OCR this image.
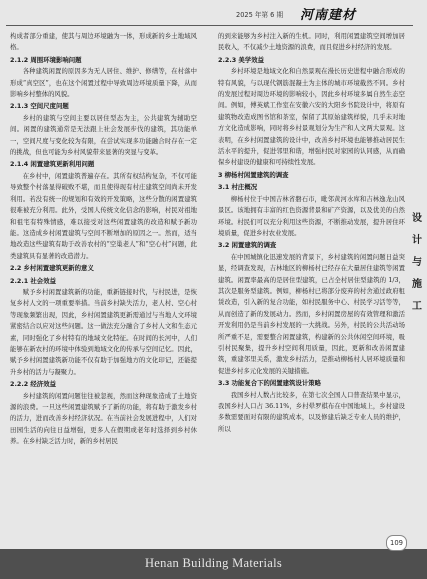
2025 年第 6 期 河南建材

构成者部分重建，使其与周边环境融为一体，形成新的乡土地域风格。

2.1.2 周围环境影响问题

各种建筑闲置的原因多为无人居住、维护、修缮等，在村落中形成“真空区”，也在这个闲置过程中导致周边环境质量下降，从而影响乡村整体的风貌。

2.1.3 空间尺度问题

乡村的建筑与空间主要以居住型态为主，公共建筑为辅助空间。闲置的建筑通常是无法跟上社会发展步伐的建筑，其功能单一，空间尺度与变化较为有限，在尝试实现多功能融合时存在一定的挑战，但也可能为乡村风貌带来显著的突显与变革。

2.1.4 闲置建筑更新利用问题

在乡村中，闲置建筑普遍存在。其所有权结构复杂，不仅可能导致整个村落显得破败不堪，而且使得现有村庄建筑空间尚未开发利用。若没有统一的规划和有效的开发策略，这些分散的闲置建筑很难被充分利用。此外，受国人传统文化信念的影响，村民对祖地和祖宅有特殊情感，难以接受对这些闲置建筑的改造和赋予新功能。这造成乡村闲置建筑与空间不断增加的原因之一。然而，适当地改造这些建筑有助于改善农村的“空巢老人”和“空心村”问题，此类建筑具有显著的改造潜力。

2.2 乡村闲置建筑更新的意义
2.2.1 社会效益

赋予乡村闲置建筑新的功能，重新链接时代，与村民进，是恢复乡村人文的一项重要举措。当前乡村缺失活力，老人村、空心村等现象频繁出现，因此，乡村闲置建筑更新需通过与当地人文环境紧密结合以应对这些问题。这一做法充分融合了乡村人文和生态元素，同时强化了乡村特有的地域文化特征。在时间的长河中，人们能够在新农村的环境中体验到地域文化的传承与空间记忆。因此，赋予乡村闲置建筑新功能不仅有助于加强地方的文化印记，还能提升乡村的活力与凝聚力。

2.2.2 经济效益

乡村建筑的闲置问题往往被忽视，然而这种现象造成了土地资源的浪费。一旦这些闲置建筑赋予了新的功能，将有助于激发乡村的活力，进而改善乡村经济状况。在当前社会发展进程中，人们对田园生活的向往日益增强，更多人在假期或老年时选择到乡村休养。在乡村缺乏活力时，新的乡村居民

的到来能够为乡村注入新的生机。同时，利用闲置建筑空间增加居民收入，不仅减少土地资源的浪费，而且促进乡村经济的发展。

2.2.3 美学效益

乡村环境是地域文化和自然景观在漫长历史进程中融合形成的特有风貌，与以现代钢筋混凝土为主体的城市环境截然不同。乡村的发展过程对周边环境的影响较小，因此乡村环境多属自然生态空间。例如，傅英斌工作室在安徽六安的大阳乡书院设计中，将原有建筑物改造成图书馆和茶室，保留了其原始建筑样貌，几乎未对地方文化造成影响，同时将乡村景观划分为生产和人文两大景观。这表明，在乡村闲置建筑的设计中，改善乡村环境也能够推动居民生活水平的提升，促进邻里和谐，增强村民对家园的认同感，从而确保乡村建设的健康和可持续性发展。

3 柳杨村闲置建筑的调查
3.1 村庄概况

柳杨村位于中国吉林省磐石市，毗邻黄河水库和吉林逸龙山风景区。该地拥有丰富的红色资源背景和矿产资源，以及优美的自然环境。村民们可以充分利用这些资源，不断推动发展，提升居住环境质量，促进乡村农业发展。

3.2 闲置建筑的调查

在中国城镇化迅速发展的背景下，乡村建筑的闲置问题日益突显，经调查发现，吉林地区的柳杨村已经存在大量居住建筑等闲置建筑。闲置率最高的是居住型建筑，已占全村居住型建筑的 1/3，其次是服务型建筑。例如，柳杨村已将部分废弃的村舍通过政府租赁改造，引入新的复合功能，如村民服务中心、村民学习活等等，从而创造了新的发展动力。然而，乡村闲置房屋的有效管理和激活开发利用仍是当前乡村发展的一大挑战。另外，村民的公共活动场所严重不足，需要整合闲置建筑，构建新的公共休闲空间环境，吸引村民聚集，提升乡村空间利用质量，因此，更新和改善闲置建筑，重建邻里关系，激发乡村活力，是推动柳杨村人居环境质量和促进乡村多元化发展的关键措施。

3.3 功能复合下的闲置建筑设计策略

我国乡村人数占比较多，在第七次全国人口普查结果中显示，我国乡村人口占 36.11%，乡村晕罗棋布在中国地域上，乡村建设多数需要面对有限的建筑成本，以及修建后缺乏专业人员的维护，所以

设
计
与
施
工
Henan Building Materials
109
